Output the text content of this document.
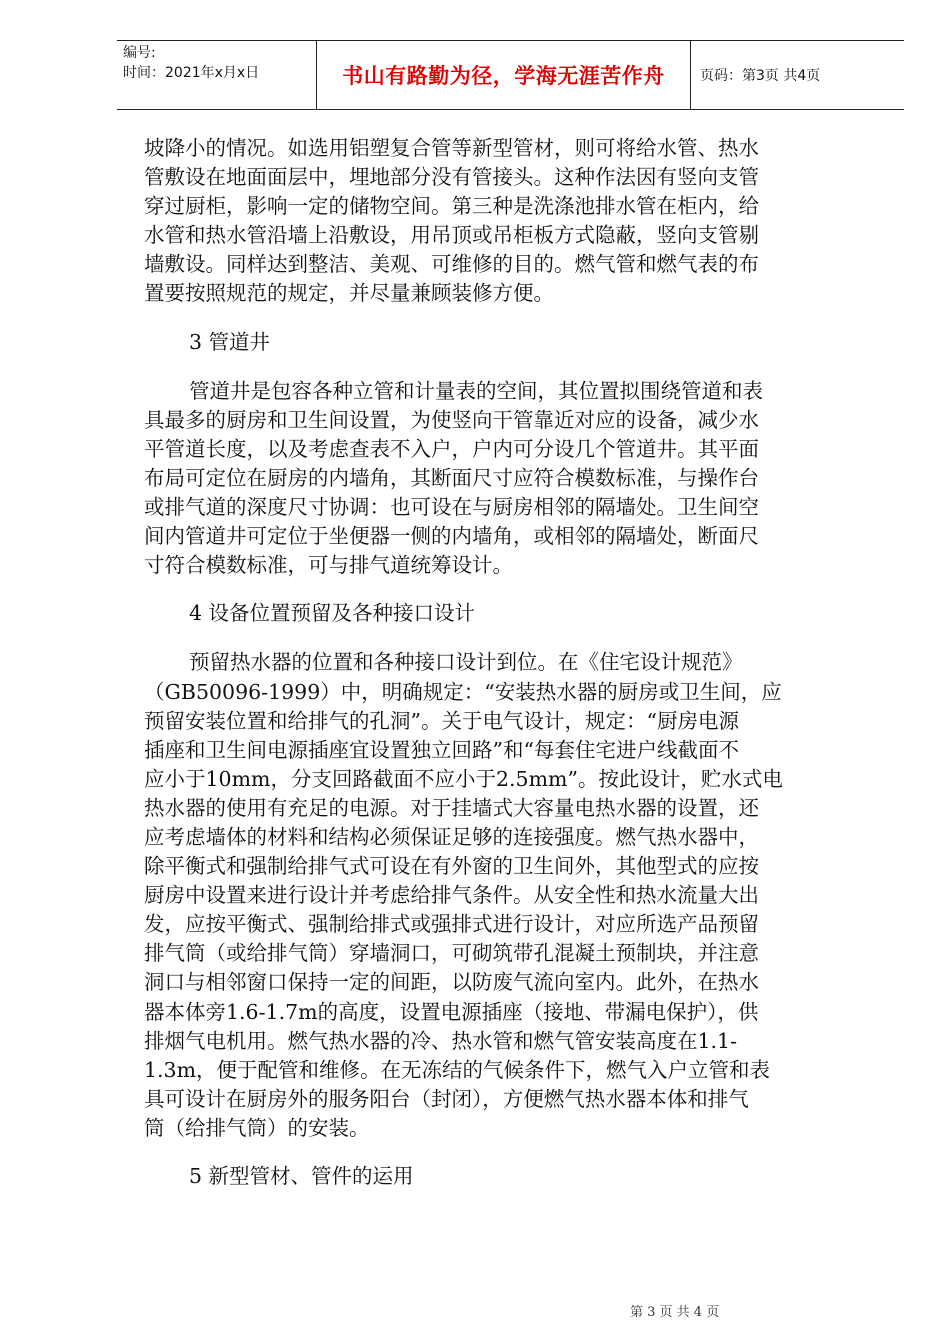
编号:
时间：2021年x月x日	书山有路勤为径，学海无涯苦作舟	页码：第3页 共4页

坡降小的情况。如选用铝塑复合管等新型管材，则可将给水管、热水
管敷设在地面面层中，埋地部分没有管接头。这种作法因有竖向支管
穿过厨柜，影响一定的储物空间。第三种是洗涤池排水管在柜内，给
水管和热水管沿墙上沿敷设，用吊顶或吊柜板方式隐蔽，竖向支管剔
墙敷设。同样达到整洁、美观、可维修的目的。燃气管和燃气表的布
置要按照规范的规定，并尽量兼顾装修方便。

3 管道井

管道井是包容各种立管和计量表的空间，其位置拟围绕管道和表
具最多的厨房和卫生间设置，为使竖向干管靠近对应的设备，减少水
平管道长度，以及考虑查表不入户，户内可分设几个管道井。其平面
布局可定位在厨房的内墙角，其断面尺寸应符合模数标准，与操作台
或排气道的深度尺寸协调：也可设在与厨房相邻的隔墙处。卫生间空
间内管道井可定位于坐便器一侧的内墙角，或相邻的隔墙处，断面尺
寸符合模数标准，可与排气道统筹设计。

4 设备位置预留及各种接口设计

预留热水器的位置和各种接口设计到位。在《住宅设计规范》
（GB50096-1999）中，明确规定：“安装热水器的厨房或卫生间，应
预留安装位置和给排气的孔洞”。关于电气设计，规定：“厨房电源
插座和卫生间电源插座宜设置独立回路”和“每套住宅进户线截面不
应小于10mm，分支回路截面不应小于2.5mm”。按此设计，贮水式电
热水器的使用有充足的电源。对于挂墙式大容量电热水器的设置，还
应考虑墙体的材料和结构必须保证足够的连接强度。燃气热水器中，
除平衡式和强制给排气式可设在有外窗的卫生间外，其他型式的应按
厨房中设置来进行设计并考虑给排气条件。从安全性和热水流量大出
发，应按平衡式、强制给排式或强排式进行设计，对应所选产品预留
排气筒（或给排气筒）穿墙洞口，可砌筑带孔混凝土预制块，并注意
洞口与相邻窗口保持一定的间距，以防废气流向室内。此外，在热水
器本体旁1.6-1.7m的高度，设置电源插座（接地、带漏电保护），供
排烟气电机用。燃气热水器的冷、热水管和燃气管安装高度在1.1-
1.3m，便于配管和维修。在无冻结的气候条件下，燃气入户立管和表
具可设计在厨房外的服务阳台（封闭），方便燃气热水器本体和排气
筒（给排气筒）的安装。

5 新型管材、管件的运用

第 3 页 共 4 页
